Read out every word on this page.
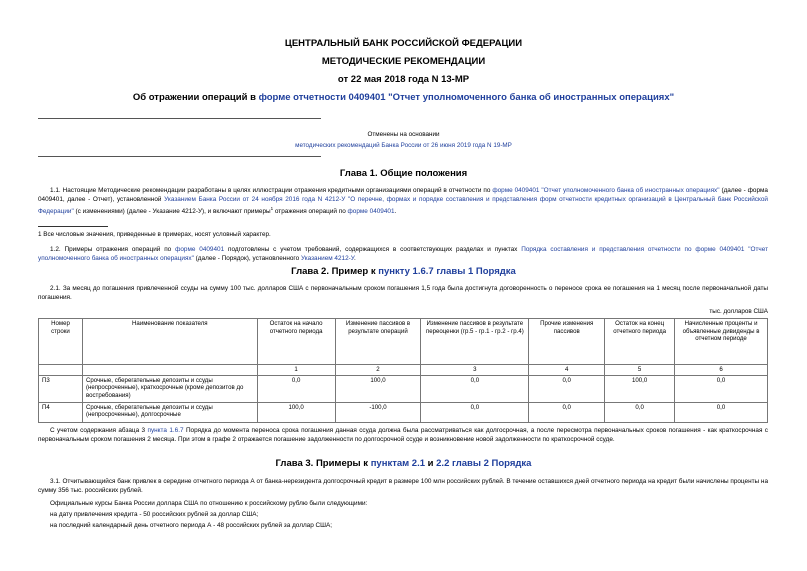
ЦЕНТРАЛЬНЫЙ БАНК РОССИЙСКОЙ ФЕДЕРАЦИИ
МЕТОДИЧЕСКИЕ РЕКОМЕНДАЦИИ
от 22 мая 2018 года N 13-МР
Об отражении операций в форме отчетности 0409401 "Отчет уполномоченного банка об иностранных операциях"
Отменены на основании
методических рекомендаций Банка России от 26 июня 2019 года N 19-МР
Глава 1. Общие положения
1.1. Настоящие Методические рекомендации разработаны в целях иллюстрации отражения кредитными организациями операций в отчетности по форме 0409401 "Отчет уполномоченного банка об иностранных операциях" (далее - форма 0409401, далее - Отчет), установленной Указанием Банка России от 24 ноября 2016 года N 4212-У "О перечне, формах и порядке составления и представления форм отчетности кредитных организаций в Центральный банк Российской Федерации" (с изменениями) (далее - Указание 4212-У), и включают примеры$^1$ отражения операций по форме 0409401.
1 Все числовые значения, приведенные в примерах, носят условный характер.
1.2. Примеры отражения операций по форме 0409401 подготовлены с учетом требований, содержащихся в соответствующих разделах и пунктах Порядка составления и представления отчетности по форме 0409401 "Отчет уполномоченного банка об иностранных операциях" (далее - Порядок), установленного Указанием 4212-У.
Глава 2. Пример к пункту 1.6.7 главы 1 Порядка
2.1. За месяц до погашения привлеченной ссуды на сумму 100 тыс. долларов США с первоначальным сроком погашения 1,5 года была достигнута договоренность о переносе срока ее погашения на 1 месяц после первоначальной даты погашения.
тыс. долларов США
Номер строки	Наименование показателя	Остаток на начало отчетного периода	Изменение пассивов в результате операций	Изменение пассивов в результате переоценки (гр.5 - гр.1 - гр.2 - гр.4)	Прочие изменения пассивов	Остаток на конец отчетного периода	Начисленные проценты и объявленные дивиденды в отчетном периоде
		1	2	3	4	5	6
П3	Срочные, сберегательные депозиты и ссуды (непросроченные), краткосрочные (кроме депозитов до востребования)	0,0	100,0	0,0	0,0	100,0	0,0
П4	Срочные, сберегательные депозиты и ссуды (непросроченные), долгосрочные	100,0	-100,0	0,0	0,0	0,0	0,0
С учетом содержания абзаца 3 пункта 1.6.7 Порядка до момента переноса срока погашения данная ссуда должна была рассматриваться как долгосрочная, а после пересмотра первоначальных сроков погашения - как краткосрочная с первоначальным сроком погашения 2 месяца. При этом в графе 2 отражается погашение задолженности по долгосрочной ссуде и возникновение новой задолженности по краткосрочной ссуде.
Глава 3. Примеры к пунктам 2.1 и 2.2 главы 2 Порядка
3.1. Отчитывающийся банк привлек в середине отчетного периода А от банка-нерезидента долгосрочный кредит в размере 100 млн российских рублей. В течение оставшихся дней отчетного периода на кредит были начислены проценты на сумму 356 тыс. российских рублей.
Официальные курсы Банка России доллара США по отношению к российскому рублю были следующими:
на дату привлечения кредита - 50 российских рублей за доллар США;
на последний календарный день отчетного периода А - 48 российских рублей за доллар США;
